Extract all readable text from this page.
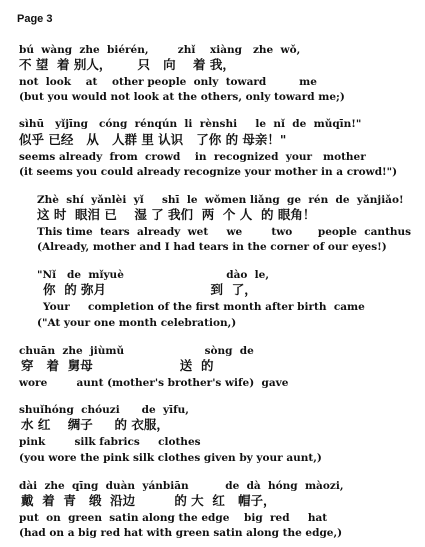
Page 3
bú  wàng  zhe  biérén,        zhǐ    xiàng   zhe  wǒ,
不 望  着 别人，      只   向    着 我，
not  look    at    other people  only  toward         me
(but you would not look at the others, only toward me;)
sìhū   yǐjīng   cóng  rénqún  li  rènshi     le  nǐ  de  mǔqīn!"
似乎 已经   从   人群 里 认识   了你 的 母亲！"
seems already  from  crowd    in  recognized  your   mother
(it seems you could already recognize your mother in a crowd!")
Zhè  shí  yǎnlèi  yǐ     shī  le  wǒmen liǎng  ge  rén  de  yǎnjiǎo!
这 时  眼泪 已    湿 了 我们  两  个 人  的 眼角！
This time  tears  already  wet     we        two       people  canthus
(Already, mother and I had tears in the corner of our eyes!)
"Nǐ   de  mǐyuè                            dào  le,
你  的 弥月                        到  了，
Your     completion of the first month after birth  came
("At your one month celebration,)
chuān  zhe  jiùmǔ                      sòng  de
穿   着  舅母                    送  的
wore        aunt (mother's brother's wife)  gave
shuǐhóng  chóuzi      de  yīfu,
水 红    绸子     的 衣服，
pink        silk fabrics     clothes
(you wore the pink silk clothes given by your aunt,)
dài  zhe  qīng  duàn  yánbiān          de  dà  hóng  màozi,
戴  着  青   缎  沿边         的 大  红   帽子，
put  on  green  satin along the edge    big  red     hat
(had on a big red hat with green satin along the edge,)
